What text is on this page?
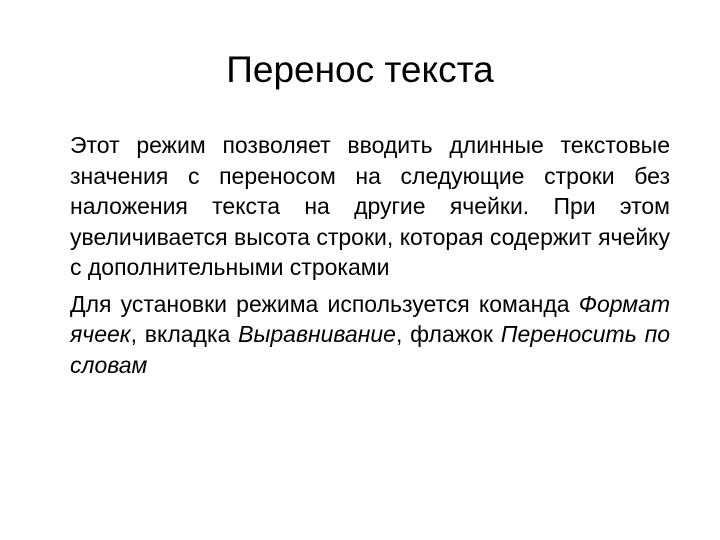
Перенос текста

Этот режим позволяет вводить длинные текстовые значения с переносом на следующие строки без наложения текста на другие ячейки. При этом увеличивается высота строки, которая содержит ячейку с дополнительными строками

Для установки режима используется команда Формат ячеек, вкладка Выравнивание, флажок Переносить по словам
